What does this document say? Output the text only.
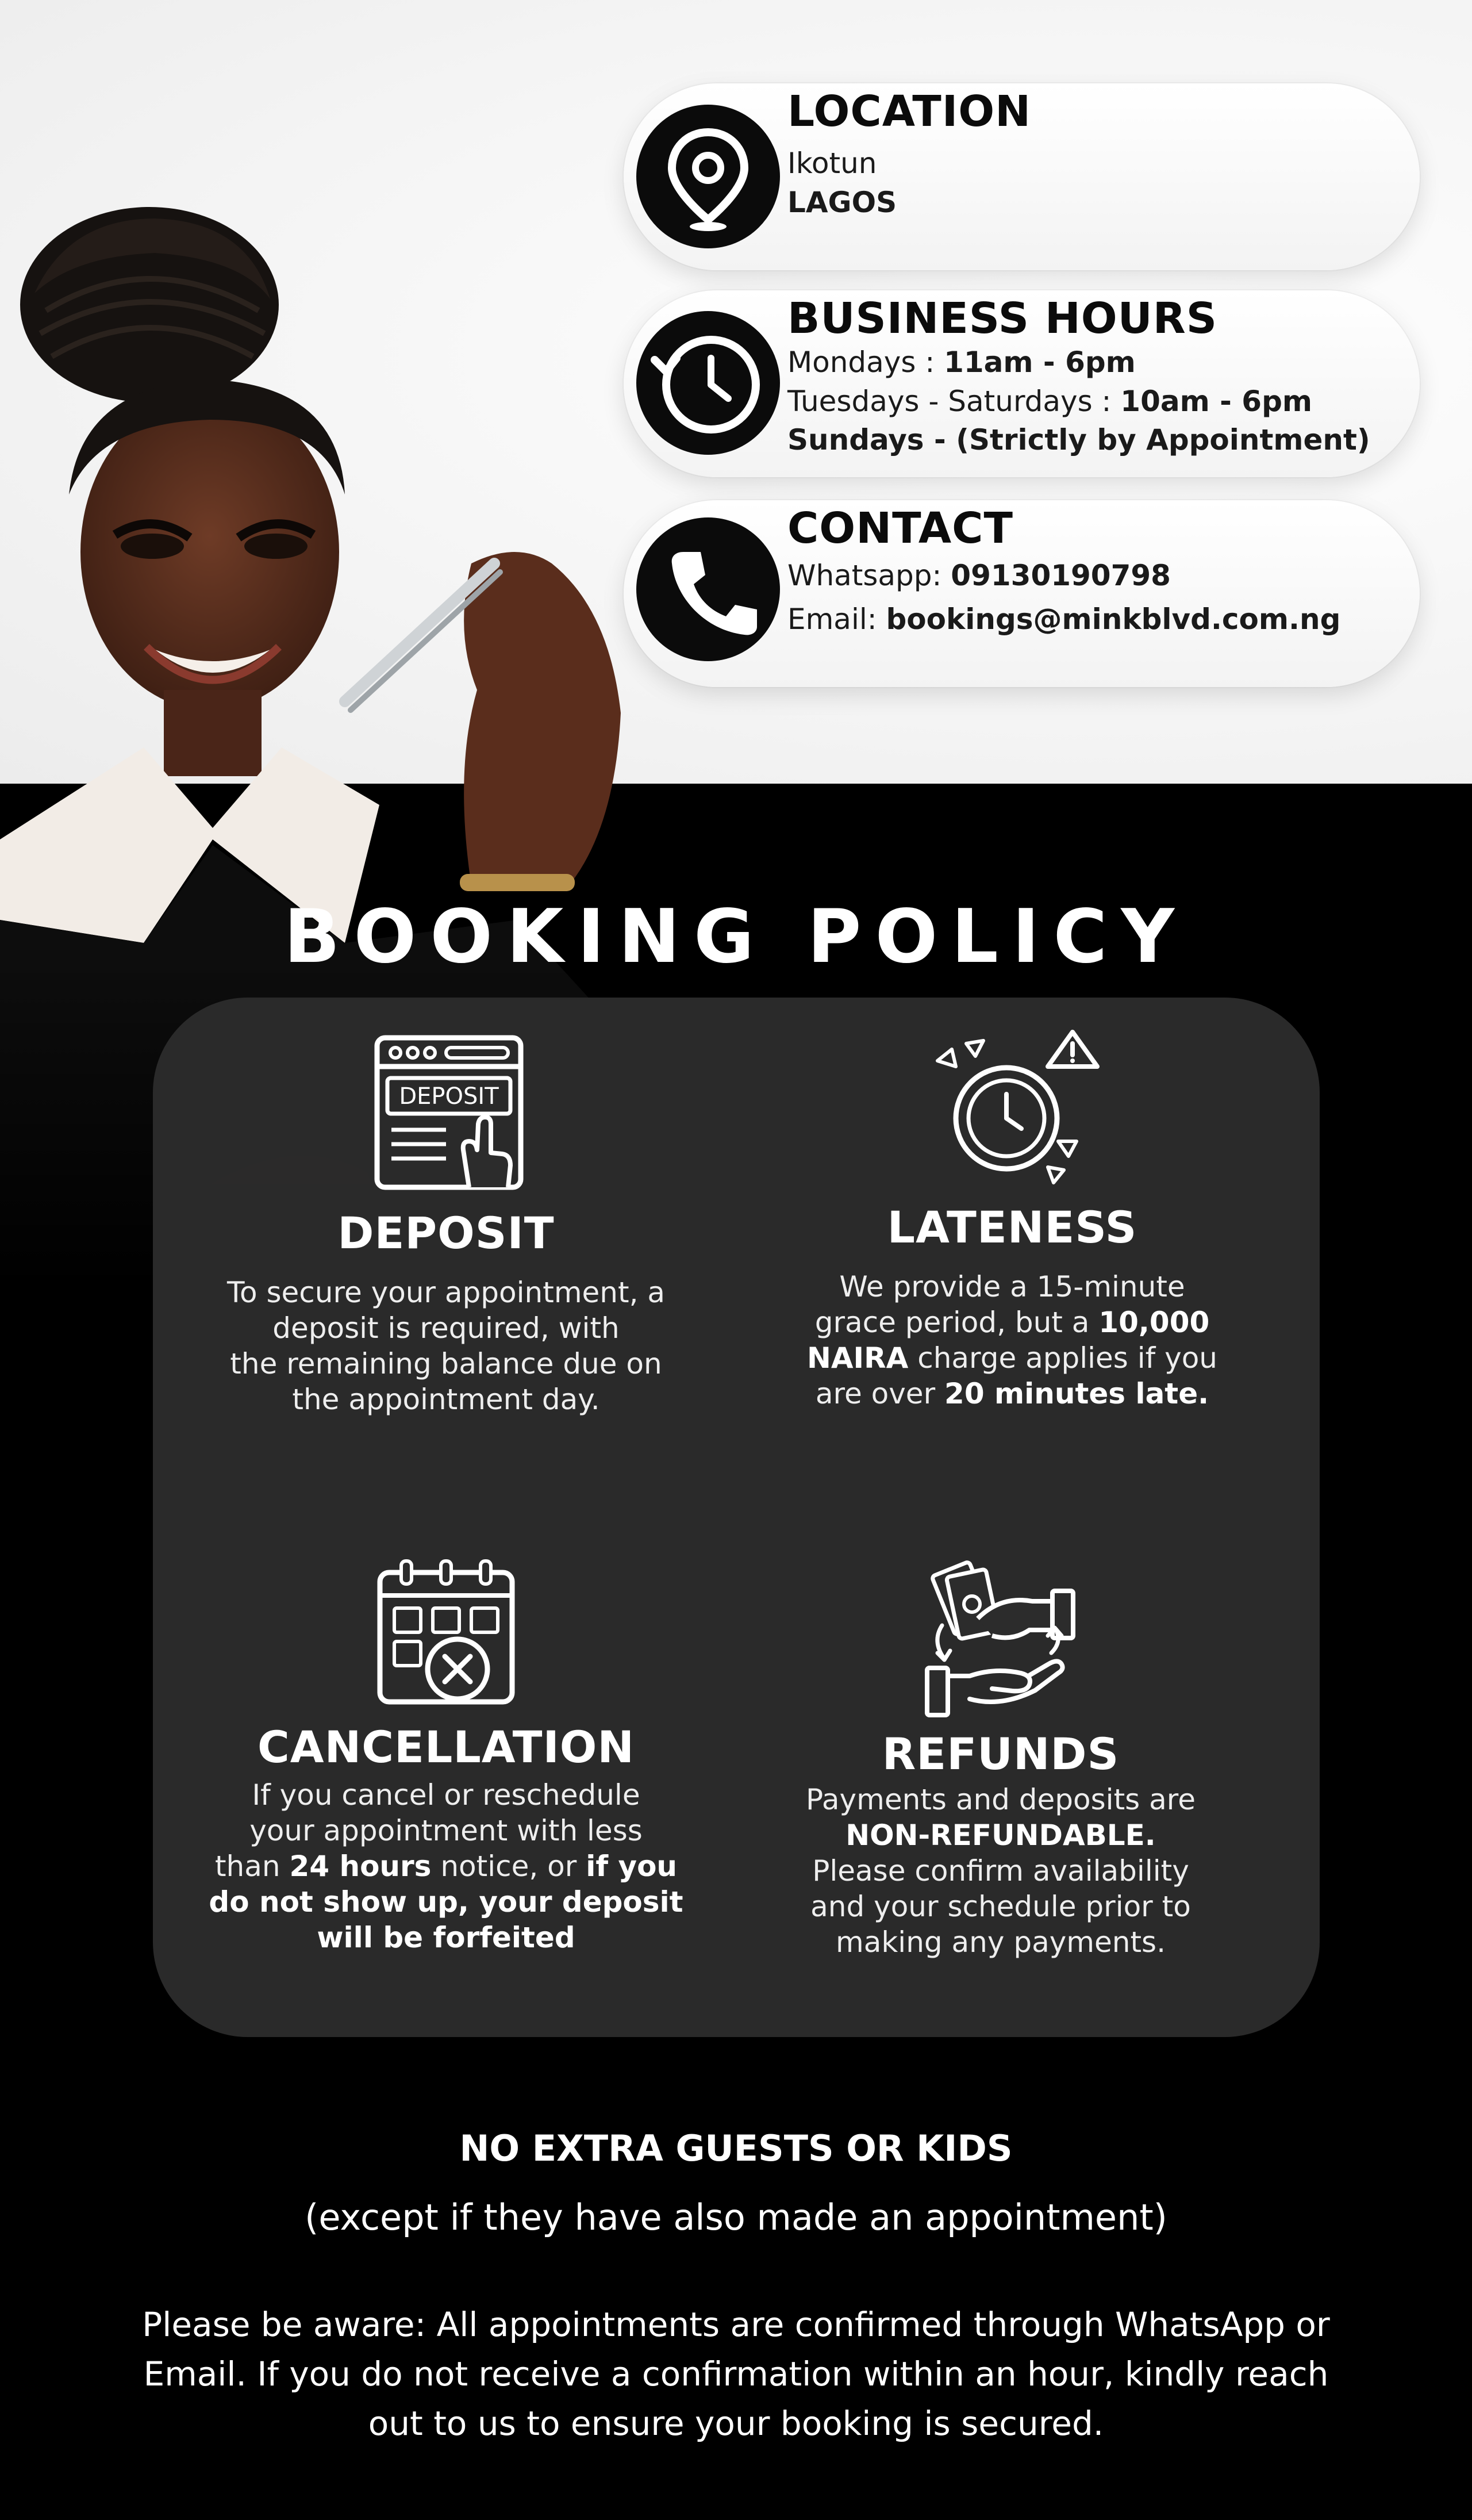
LOCATION
Ikotun
LAGOS
BUSINESS HOURS
Mondays : 11am - 6pm
Tuesdays - Saturdays : 10am - 6pm
Sundays - (Strictly by Appointment)
CONTACT
Whatsapp: 09130190798
Email: bookings@minkblvd.com.ng
BOOKING POLICY
DEPOSIT
DEPOSIT
To secure your appointment, a
deposit is required, with
the remaining balance due on
the appointment day.
LATENESS
We provide a 15-minute
grace period, but a 10,000
NAIRA charge applies if you
are over 20 minutes late.
CANCELLATION
If you cancel or reschedule
your appointment with less
than 24 hours notice, or if you
do not show up, your deposit
will be forfeited
REFUNDS
Payments and deposits are
NON-REFUNDABLE.
Please confirm availability
and your schedule prior to
making any payments.
NO EXTRA GUESTS OR KIDS
(except if they have also made an appointment)
Please be aware: All appointments are confirmed through WhatsApp or
Email. If you do not receive a confirmation within an hour, kindly reach
out to us to ensure your booking is secured.
